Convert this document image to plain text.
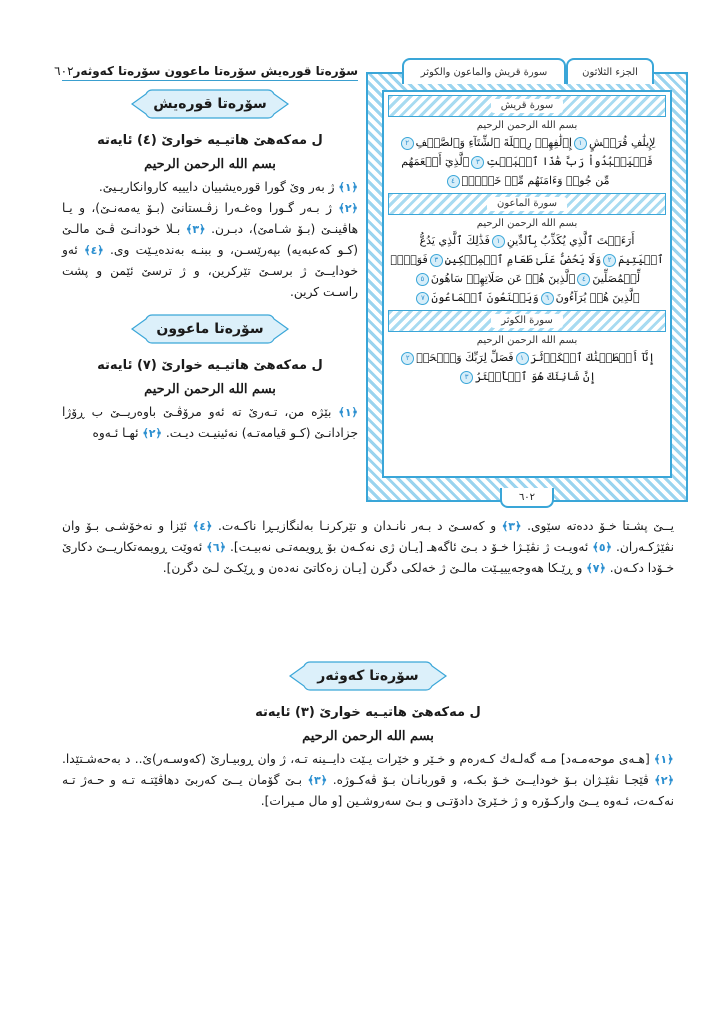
سۆرەتا قورەیش سۆرەتا ماعوون سۆرەتا كەوثەر
٦٠٢
سۆرەتا قورەیش
ل مەكەهێ هاتیـیە خوارێ (٤) ئایەتە
بسم الله الرحمن الرحیم

﴿١﴾ ژ بەر وێ گورا قورەیشییان دایییە كاروانكاریـیێ.
﴿٢﴾ ژ بـەر گـورا وەغـەرا زڤـستانێ (بـۆ یەمەنـێ)، و یـا هاڤینـێ (بـۆ شـامێ)، دبـرن. ﴿٣﴾ بـلا خودانـێ ڤـێ مالـێ (كـو كەعبەیە) بپەرێسـن، و ببنـە بەندەیـێت وی. ﴿٤﴾ ئەو خودایــێ ژ برسـێ تێركرین، و ژ ترسێ ئێمن و پشت راسـت كرین.

سۆرەتا ماعوون
ل مەكەهێ هاتیـیە خوارێ (٧) ئایەتە
بسم الله الرحمن الرحیم

﴿١﴾ بێژە من، تـەرێ تە ئەو مرۆڤـێ باوەریــێ ب ڕۆژا جزادانـێ (كـو قیامەتـە) نەئینیـت دیـت. ﴿٢﴾ ئهـا ئـەوە

یــێ پشـتا خـۆ ددەتە سێوی. ﴿٣﴾ و كەسـێ د بـەر نانـدان و تێركرنـا بەلنگازیـڕا ناكـەت. ﴿٤﴾ ئێزا و نەخۆشـی بـۆ وان نڤێژكـەران. ﴿٥﴾ ئەویـت ژ نڤێـژا خـۆ د بـێ ئاگەهـ [یـان ژی نەكـەن بۆ ڕویمەتـی نەبیـت]. ﴿٦﴾ ئەوێت ڕویمەتكاریــێ دكارێ خـۆدا دكـەن. ﴿٧﴾ و ڕێـكا هەوجەیییـێت مالـێ ژ خەلكی دگرن [یـان زەكاتێ نەدەن و ڕێكـێ لـێ دگرن].

سۆرەتا كەوثەر
ل مەكەهێ هاتیـیە خوارێ (٣) ئایەتە
بسم الله الرحمن الرحیم

﴿١﴾ [هـەی موحەمـەد] مـە گەلـەك كـەرەم و خـێر و خێرات یـێت دایــینە تـە، ژ وان ڕوبیـارێ (كەوسـەر)ێ.. د بەحەشـتێدا. ﴿٢﴾ ڤێجـا نڤێـژان بـۆ خودایــێ خـۆ بكـە، و قوربانـان بـۆ ڤەكـوژە. ﴿٣﴾ بـێ گۆمان یــێ كەربێ دهاڤێتـە تـە و حـەژ تـە نەكـەت، ئـەوە یــێ واركـۆرە و ژ خـێرێ دادۆتـی و بـێ سەروشـین [و مال مـیرات].

سورة قريش
بسم الله الرحمن الرحيم
لِإِيلَٰفِ قُرَيۡشٍ١إِۦلَٰفِهِمۡ رِحۡلَةَ ٱلشِّتَآءِ وَٱلصَّيۡفِ٢
فَلۡيَعۡبُدُواْ رَبَّ هَٰذَا ٱلۡبَيۡتِ٣ٱلَّذِيٓ أَطۡعَمَهُم
مِّن جُوعٖ وَءَامَنَهُم مِّنۡ خَوۡفِۭ٤
سورة الماعون
بسم الله الرحمن الرحيم
أَرَءَيۡتَ ٱلَّذِي يُكَذِّبُ بِٱلدِّينِ١فَذَٰلِكَ ٱلَّذِي يَدُعُّ
ٱلۡيَتِيمَ٢وَلَا يَحُضُّ عَلَىٰ طَعَامِ ٱلۡمِسۡكِينِ٣فَوَيۡلٞ
لِّلۡمُصَلِّينَ٤ٱلَّذِينَ هُمۡ عَن صَلَاتِهِمۡ سَاهُونَ٥
ٱلَّذِينَ هُمۡ يُرَآءُونَ٦وَيَمۡنَعُونَ ٱلۡمَاعُونَ٧
سورة الكوثر
بسم الله الرحمن الرحيم
إِنَّآ أَعۡطَيۡنَٰكَ ٱلۡكَوۡثَرَ١فَصَلِّ لِرَبِّكَ وَٱنۡحَرۡ٢
إِنَّ شَانِئَكَ هُوَ ٱلۡأَبۡتَرُ٣
الجزء الثلاثون
سورة قريش والماعون والكوثر
٦٠٢
